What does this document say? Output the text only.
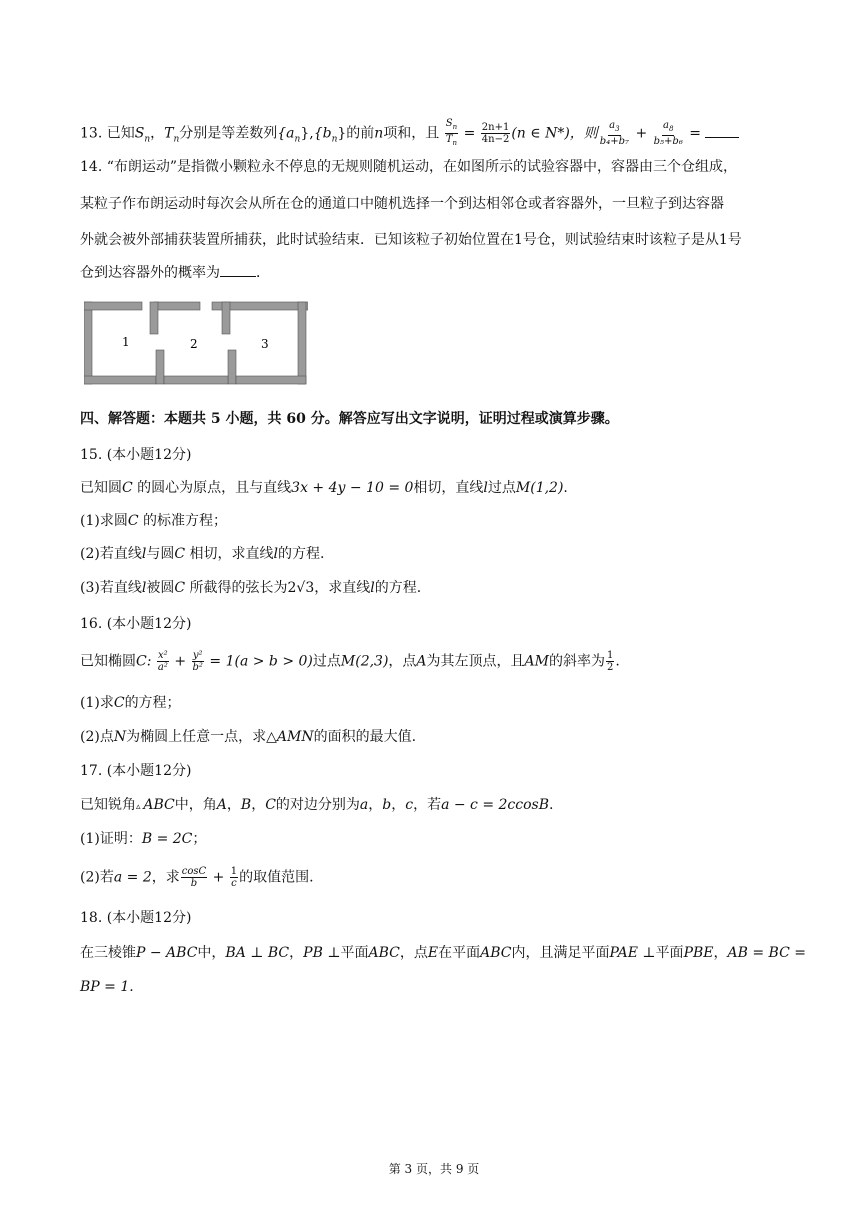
13. 已知$S_n$，$T_n$分别是等差数列$\{a_n\},\{b_n\}$的前n项和，且 $\frac{S_n}{T_n} = \frac{2n+1}{4n-2} (n$ ∈ N*)，则 $\frac{a_3}{\text{b₄+b₇}} + \frac{a_8}{\text{b₅+b₆}}$ =
14. “布朗运动”是指微小颗粒永不停息的无规则随机运动，在如图所示的试验容器中，容器由三个仓组成，
某粒子作布朗运动时每次会从所在仓的通道口中随机选择一个到达相邻仓或者容器外，一旦粒子到达容器
外就会被外部捕获装置所捕获，此时试验结束．已知该粒子初始位置在1号仓，则试验结束时该粒子是从1号
仓到达容器外的概率为	．
1	2	3
四、解答题：本题共 5 小题，共 60 分。解答应写出文字说明，证明过程或演算步骤。
15. (本小题12分)
已知圆C 的圆心为原点，且与直线3x + 4y − 10 = 0相切，直线l过点M(1,2).
(1)求圆C 的标准方程；
(2)若直线l与圆C 相切，求直线l的方程.
(3)若直线l被圆C 所截得的弦长为2√3，求直线l的方程.
16. (本小题12分)
已知椭圆C: $\frac{\text{x²}}{\text{a²}} + \frac{\text{y²}}{\text{b²}} = 1(a > b > 0)$过点M(2,3)，点A为其左顶点，且AM的斜率为 $\frac{1}{2}$ .
(1)求C的方程；
(2)点N为椭圆上任意一点，求△AMN的面积的最大值.
17. (本小题12分)
已知锐角▵ ABC中，角A，B，C的对边分别为a，b，c，若a − c = 2ccosB.
(1)证明：B = 2C；
(2)若a = 2，求 $\frac{\cos C}{b} + \frac{1}{c}$ 的取值范围.
18. (本小题12分)
在三棱锥P − ABC中，BA ⊥ BC，PB ⊥平面ABC，点E在平面ABC内，且满足平面PAE ⊥平面PBE，AB = BC =
BP = 1.
第 3 页，共 9 页
